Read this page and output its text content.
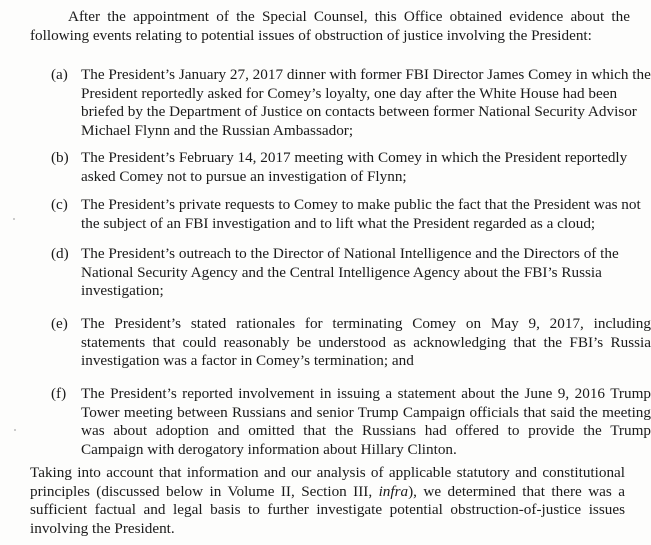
After the appointment of the Special Counsel, this Office obtained evidence about the following events relating to potential issues of obstruction of justice involving the President:

(a) The President’s January 27, 2017 dinner with former FBI Director James Comey in which the President reportedly asked for Comey’s loyalty, one day after the White House had been briefed by the Department of Justice on contacts between former National Security Advisor Michael Flynn and the Russian Ambassador;

(b) The President’s February 14, 2017 meeting with Comey in which the President reportedly asked Comey not to pursue an investigation of Flynn;

(c) The President’s private requests to Comey to make public the fact that the President was not the subject of an FBI investigation and to lift what the President regarded as a cloud;

(d) The President’s outreach to the Director of National Intelligence and the Directors of the National Security Agency and the Central Intelligence Agency about the FBI’s Russia investigation;

(e) The President’s stated rationales for terminating Comey on May 9, 2017, including statements that could reasonably be understood as acknowledging that the FBI’s Russia investigation was a factor in Comey’s termination; and

(f) The President’s reported involvement in issuing a statement about the June 9, 2016 Trump Tower meeting between Russians and senior Trump Campaign officials that said the meeting was about adoption and omitted that the Russians had offered to provide the Trump Campaign with derogatory information about Hillary Clinton.

Taking into account that information and our analysis of applicable statutory and constitutional principles (discussed below in Volume II, Section III, infra), we determined that there was a sufficient factual and legal basis to further investigate potential obstruction-of-justice issues involving the President.
